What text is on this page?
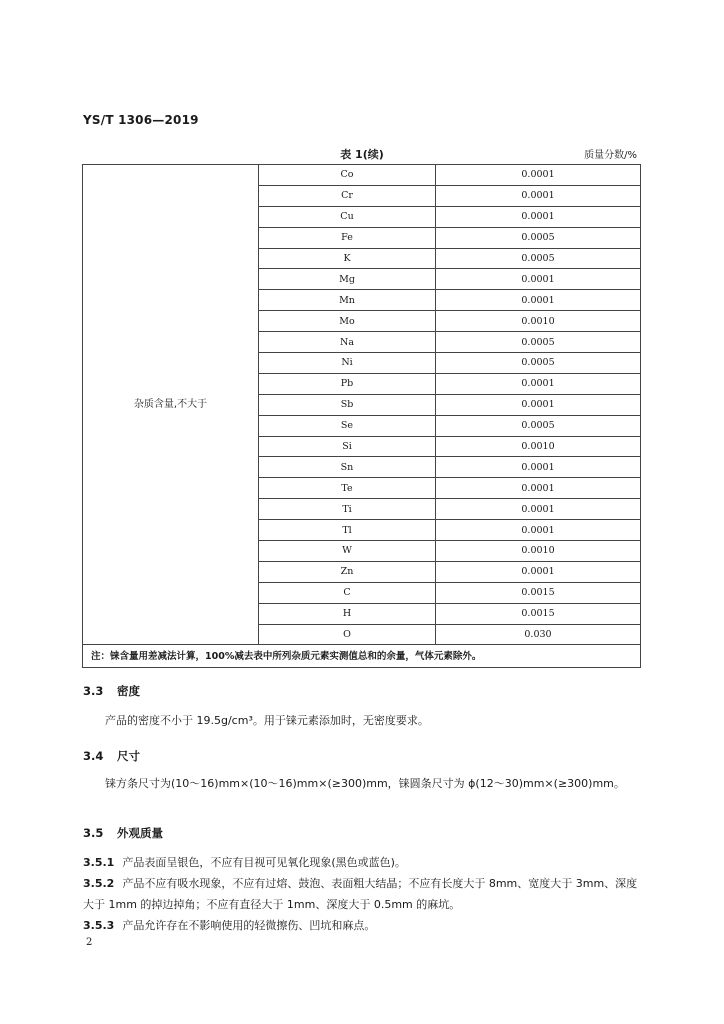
YS/T 1306—2019
表 1(续)	质量分数/%
杂质含量,不大于	Co	0.0001
	Cr	0.0001
	Cu	0.0001
	Fe	0.0005
	K	0.0005
	Mg	0.0001
	Mn	0.0001
	Mo	0.0010
	Na	0.0005
	Ni	0.0005
	Pb	0.0001
	Sb	0.0001
	Se	0.0005
	Si	0.0010
	Sn	0.0001
	Te	0.0001
	Ti	0.0001
	Tl	0.0001
	W	0.0010
	Zn	0.0001
	C	0.0015
	H	0.0015
	O	0.030
注：铼含量用差减法计算，100%减去表中所列杂质元素实测值总和的余量，气体元素除外。		
3.3 密度
产品的密度不小于 19.5g/cm³。用于铼元素添加时，无密度要求。
3.4 尺寸
铼方条尺寸为(10～16)mm×(10～16)mm×(≥300)mm，铼圆条尺寸为 ϕ(12～30)mm×(≥300)mm。
3.5 外观质量
3.5.1 产品表面呈银色，不应有目视可见氧化现象(黑色或蓝色)。
3.5.2 产品不应有吸水现象，不应有过熔、鼓泡、表面粗大结晶；不应有长度大于 8mm、宽度大于 3mm、深度大于 1mm 的掉边掉角；不应有直径大于 1mm、深度大于 0.5mm 的麻坑。
3.5.3 产品允许存在不影响使用的轻微擦伤、凹坑和麻点。
2
